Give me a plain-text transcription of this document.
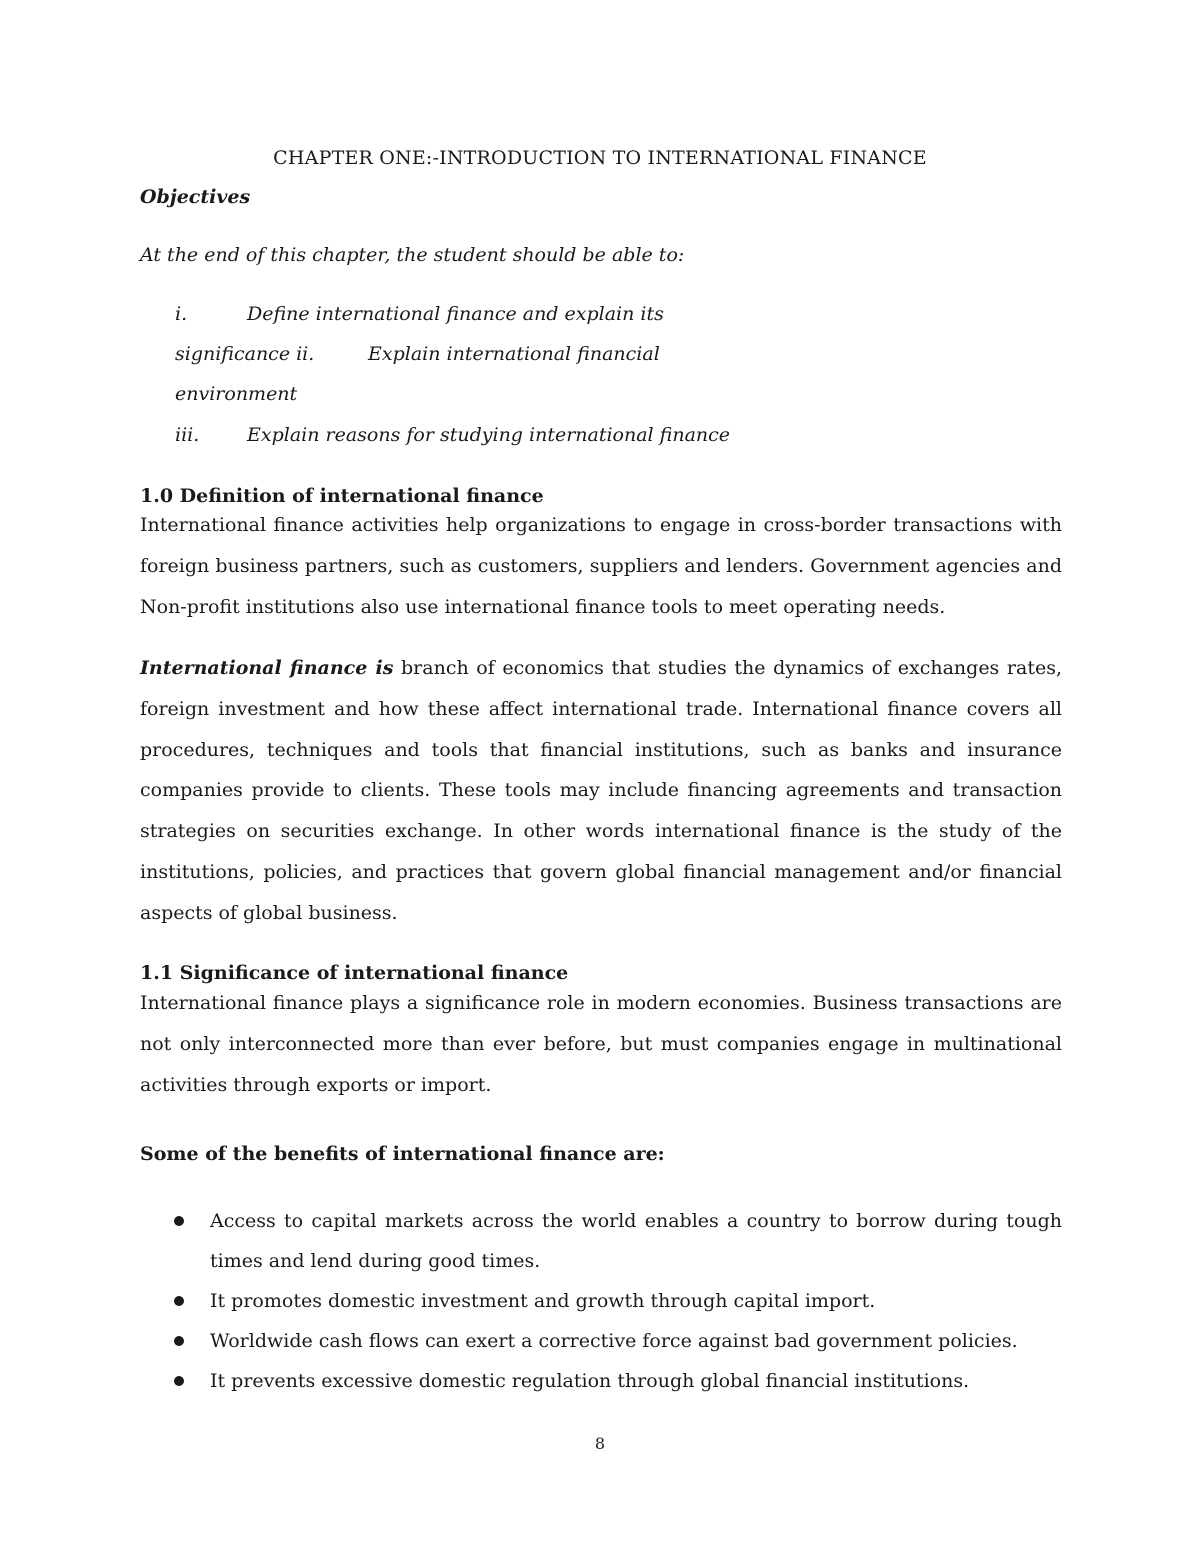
CHAPTER ONE:-INTRODUCTION TO INTERNATIONAL FINANCE

Objectives

At the end of this chapter, the student should be able to:

i.	Define international finance and explain its
significance ii.	Explain international financial
environment
iii.	Explain reasons for studying international finance
1.0 Definition of international finance

International finance activities help organizations to engage in cross-border transactions with foreign business partners, such as customers, suppliers and lenders. Government agencies and Non-profit institutions also use international finance tools to meet operating needs.

International finance is branch of economics that studies the dynamics of exchanges rates, foreign investment and how these affect international trade. International finance covers all procedures, techniques and tools that financial institutions, such as banks and insurance companies provide to clients. These tools may include financing agreements and transaction strategies on securities exchange. In other words international finance is the study of the institutions, policies, and practices that govern global financial management and/or financial aspects of global business.

1.1 Significance of international finance

International finance plays a significance role in modern economies. Business transactions are not only interconnected more than ever before, but must companies engage in multinational activities through exports or import.

Some of the benefits of international finance are:
Access to capital markets across the world enables a country to borrow during tough times and lend during good times.
It promotes domestic investment and growth through capital import.
Worldwide cash flows can exert a corrective force against bad government policies.
It prevents excessive domestic regulation through global financial institutions.

8
